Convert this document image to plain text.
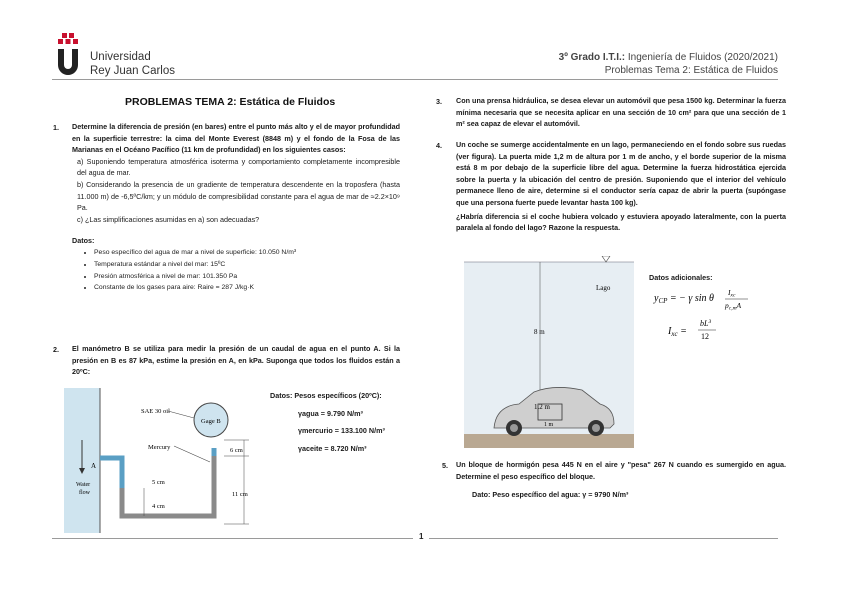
Universidad
Rey Juan Carlos
3º Grado I.T.I.: Ingeniería de Fluidos (2020/2021)
Problemas Tema 2: Estática de Fluidos
PROBLEMAS TEMA 2: Estática de Fluidos
1. Determine la diferencia de presión (en bares) entre el punto más alto y el de mayor profundidad en la superficie terrestre: la cima del Monte Everest (8848 m) y el fondo de la Fosa de las Marianas en el Océano Pacífico (11 km de profundidad) en los siguientes casos:
a) Suponiendo temperatura atmosférica isoterma y comportamiento completamente incompresible del agua de mar.
b) Considerando la presencia de un gradiente de temperatura descendente en la troposfera (hasta 11.000 m) de -6,5ºC/km; y un módulo de compresibilidad constante para el agua de mar de ≈2.2×10⁹ Pa.
c) ¿Las simplificaciones asumidas en a) son adecuadas?
Datos:
• Peso específico del agua de mar a nivel de superficie: 10.050 N/m³
• Temperatura estándar a nivel del mar: 15ºC
• Presión atmosférica a nivel de mar: 101.350 Pa
• Constante de los gases para aire: Raire = 287 J/kg·K
2. El manómetro B se utiliza para medir la presión de un caudal de agua en el punto A. Si la presión en B es 87 kPa, estime la presión en A, en kPa. Suponga que todos los fluidos están a 20ºC:
A
Water
flow
Gage B
SAE 30 oil
Mercury	6 cm
11 cm
5 cm
4 cm
Datos: Pesos específicos (20ºC):
γagua = 9.790 N/m³
γmercurio = 133.100 N/m³
γaceite = 8.720 N/m³
3. Con una prensa hidráulica, se desea elevar un automóvil que pesa 1500 kg. Determinar la fuerza mínima necesaria que se necesita aplicar en una sección de 10 cm² para que una sección de 1 m² sea capaz de elevar el automóvil.
4. Un coche se sumerge accidentalmente en un lago, permaneciendo en el fondo sobre sus ruedas (ver figura). La puerta mide 1,2 m de altura por 1 m de ancho, y el borde superior de la misma está 8 m por debajo de la superficie libre del agua. Determine la fuerza hidrostática ejercida sobre la puerta y la ubicación del centro de presión. Suponiendo que el interior del vehículo permanece lleno de aire, determine si el conductor sería capaz de abrir la puerta (supóngase que una persona fuerte puede levantar hasta 100 kg).
¿Habría diferencia si el coche hubiera volcado y estuviera apoyado lateralmente, con la puerta paralela al fondo del lago? Razone la respuesta.
Lago
8 m
1.2 m
1 m
Datos adicionales:
$y_{CP}$ = − γ sin θ
$I_{xc}$
$p_{c,m}A$
$I_{xc}$ =
$bL^3$
12
5. Un bloque de hormigón pesa 445 N en el aire y "pesa" 267 N cuando es sumergido en agua. Determine el peso específico del bloque.
Dato: Peso específico del agua: γ = 9790 N/m³
1
